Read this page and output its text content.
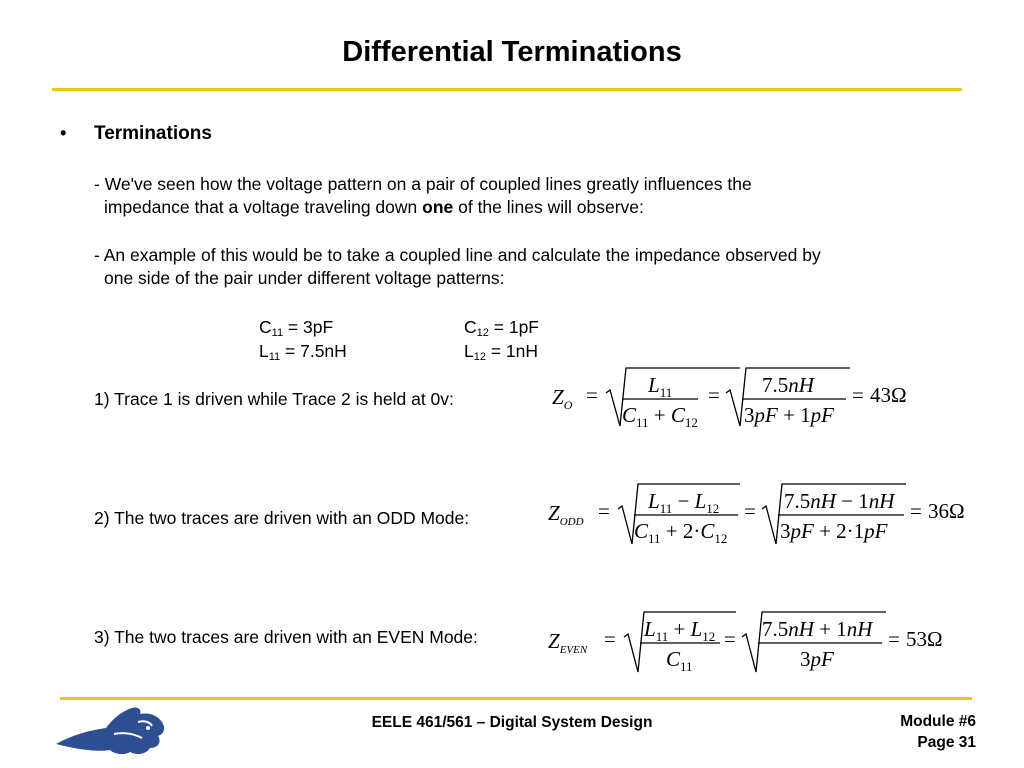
Differential Terminations
• Terminations
- We've seen how the voltage pattern on a pair of coupled lines greatly influences the
impedance that a voltage traveling down one of the lines will observe:
- An example of this would be to take a coupled line and calculate the impedance observed by
one side of the pair under different voltage patterns:
$C_{11} = 3pF$	$C_{12} = 1pF$
$L_{11} = 7.5nH$	$L_{12} = 1nH$
1) Trace 1 is driven while Trace 2 is held at 0v:
2) The two traces are driven with an ODD Mode:
3) The two traces are driven with an EVEN Mode:
$Z_O = L_{11}$
$C_{11} + C_{12}$
= 7.5nH
3pF + 1pF
= 43Ω
$Z_{ODD} = L_{11} - L_{12}$
$C_{11} + 2\cdot C_{12}$
= 7.5nH − 1nH
3pF + 2·1pF
= 36Ω
$Z_{EVEN} = L_{11} + L_{12}$
$C_{11}$
= 7.5nH + 1nH
3pF
= 53Ω
EELE 461/561 – Digital System Design	Module #6
Page 31
